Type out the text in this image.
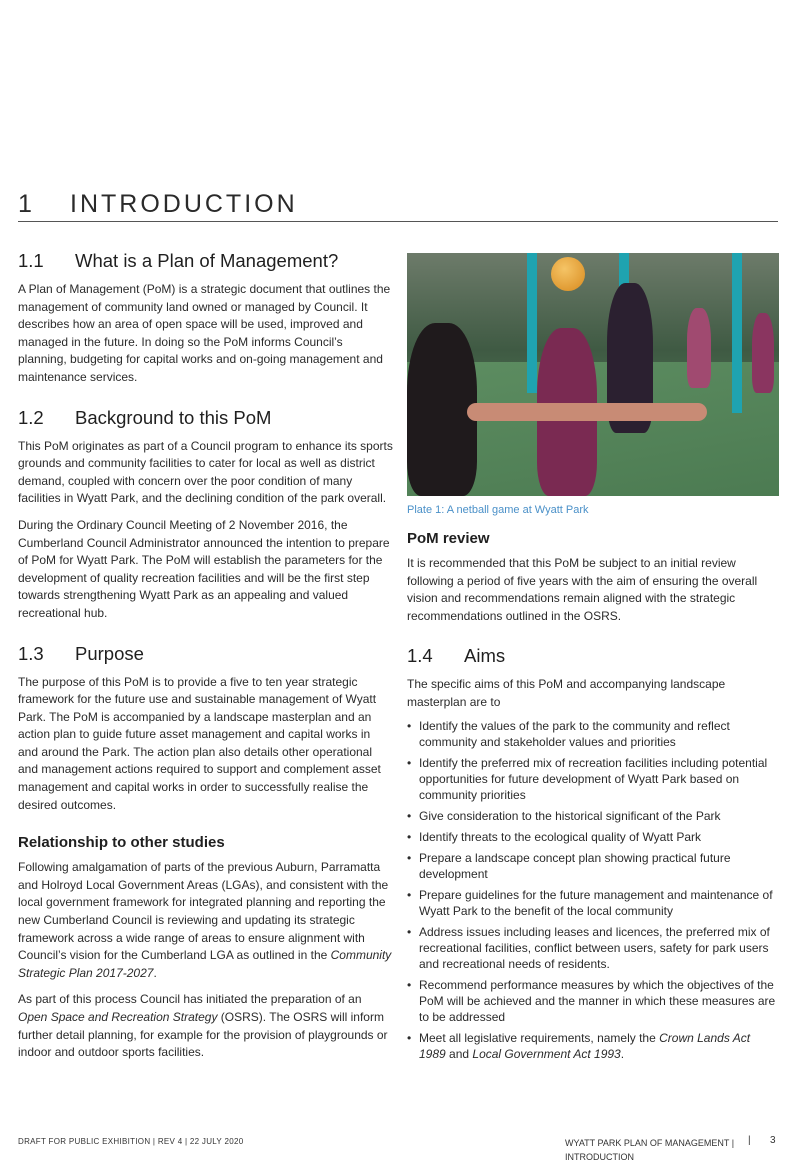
1 INTRODUCTION
1.1 What is a Plan of Management?

A Plan of Management (PoM) is a strategic document that outlines the management of community land owned or managed by Council. It describes how an area of open space will be used, improved and managed in the future. In doing so the PoM informs Council’s planning, budgeting for capital works and on-going management and maintenance services.

1.2 Background to this PoM

This PoM originates as part of a Council program to enhance its sports grounds and community facilities to cater for local as well as district demand, coupled with concern over the poor condition of many facilities in Wyatt Park, and the declining condition of the park overall.

During the Ordinary Council Meeting of 2 November 2016, the Cumberland Council Administrator announced the intention to prepare of PoM for Wyatt Park. The PoM will establish the parameters for the development of quality recreation facilities and will be the first step towards strengthening Wyatt Park as an appealing and valued recreational hub.

1.3 Purpose

The purpose of this PoM is to provide a five to ten year strategic framework for the future use and sustainable management of Wyatt Park. The PoM is accompanied by a landscape masterplan and an action plan to guide future asset management and capital works in and around the Park. The action plan also details other operational and management actions required to support and complement asset management and capital works in order to successfully realise the desired outcomes.

Relationship to other studies

Following amalgamation of parts of the previous Auburn, Parramatta and Holroyd Local Government Areas (LGAs), and consistent with the local government framework for integrated planning and reporting the new Cumberland Council is reviewing and updating its strategic framework across a wide range of areas to ensure alignment with Council’s vision for the Cumberland LGA as outlined in the Community Strategic Plan 2017-2027.

As part of this process Council has initiated the preparation of an Open Space and Recreation Strategy (OSRS). The OSRS will inform further detail planning, for example for the provision of playgrounds or indoor and outdoor sports facilities.

Plate 1: A netball game at Wyatt Park
PoM review

It is recommended that this PoM be subject to an initial review following a period of five years with the aim of ensuring the overall vision and recommendations remain aligned with the strategic recommendations outlined in the OSRS.

1.4 Aims

The specific aims of this PoM and accompanying landscape masterplan are to

• Identify the values of the park to the community and reflect community and stakeholder values and priorities
• Identify the preferred mix of recreation facilities including potential opportunities for future development of Wyatt Park based on community priorities
• Give consideration to the historical significant of the Park
• Identify threats to the ecological quality of Wyatt Park
• Prepare a landscape concept plan showing practical future development
• Prepare guidelines for the future management and maintenance of Wyatt Park to the benefit of the local community
• Address issues including leases and licences, the preferred mix of recreational facilities, conflict between users, safety for park users and recreational needs of residents.
• Recommend performance measures by which the objectives of the PoM will be achieved and the manner in which these measures are to be addressed
• Meet all legislative requirements, namely the Crown Lands Act 1989 and Local Government Act 1993.
DRAFT FOR PUBLIC EXHIBITION | REV 4 | 22 JULY 2020	WYATT PARK PLAN OF MANAGEMENT | INTRODUCTION
| 3
